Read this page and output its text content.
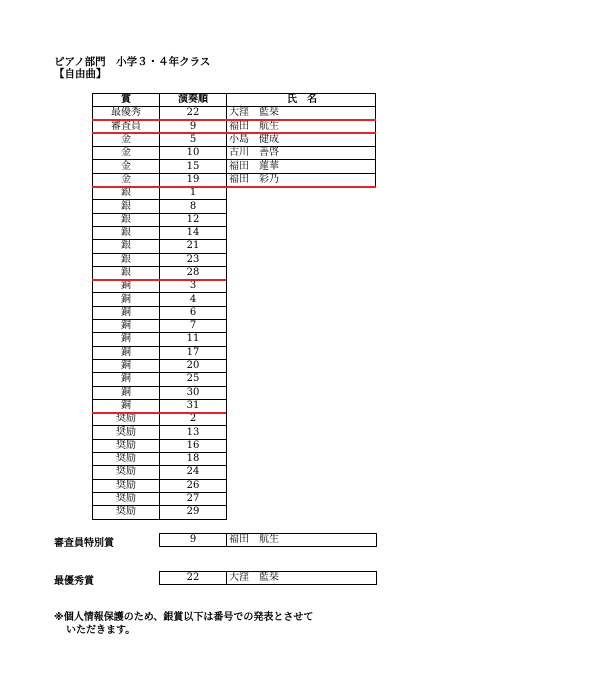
ピアノ部門　小学３・４年クラス
【自由曲】
賞	演奏順	氏　名
最優秀	22	大窪　藍栞
審査員	9	福田　航生
金	5	小島　健成
金	10	古川　善啓
金	15	福田　蓮華
金	19	福田　彩乃
銀	1	
銀	8	
銀	12	
銀	14	
銀	21	
銀	23	
銀	28	
銅	3	
銅	4	
銅	6	
銅	7	
銅	11	
銅	17	
銅	20	
銅	25	
銅	30	
銅	31	
奨励	2	
奨励	13	
奨励	16	
奨励	18	
奨励	24	
奨励	26	
奨励	27	
奨励	29	
審査員特別賞	9	福田　航生
最優秀賞	22	大窪　藍栞
※個人情報保護のため、銀賞以下は番号での発表とさせて
いただきます。
